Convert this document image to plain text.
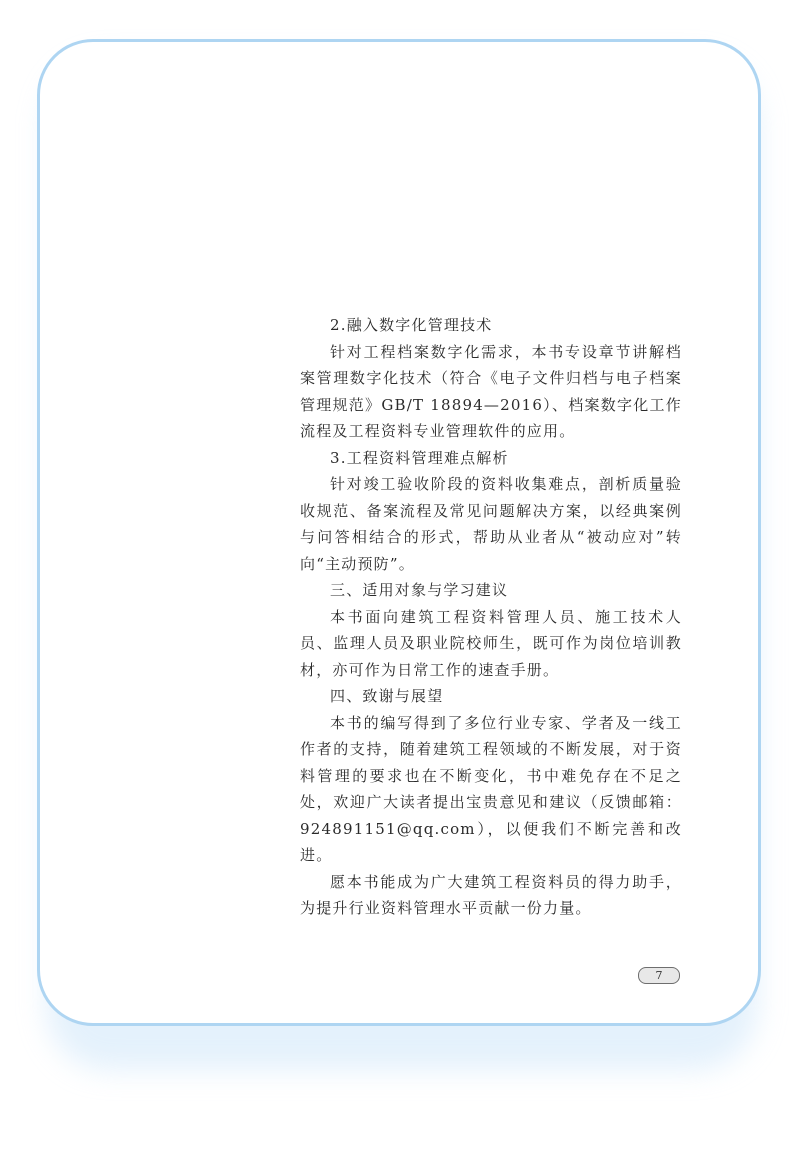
2.融入数字化管理技术

针对工程档案数字化需求，本书专设章节讲解档案管理数字化技术（符合《电子文件归档与电子档案管理规范》GB/T 18894—2016）、档案数字化工作流程及工程资料专业管理软件的应用。

3.工程资料管理难点解析

针对竣工验收阶段的资料收集难点，剖析质量验收规范、备案流程及常见问题解决方案，以经典案例与问答相结合的形式，帮助从业者从“被动应对”转向“主动预防”。

三、适用对象与学习建议

本书面向建筑工程资料管理人员、施工技术人员、监理人员及职业院校师生，既可作为岗位培训教材，亦可作为日常工作的速查手册。

四、致谢与展望

本书的编写得到了多位行业专家、学者及一线工作者的支持，随着建筑工程领域的不断发展，对于资料管理的要求也在不断变化，书中难免存在不足之处，欢迎广大读者提出宝贵意见和建议（反馈邮箱：924891151@qq.com），以便我们不断完善和改进。

愿本书能成为广大建筑工程资料员的得力助手，为提升行业资料管理水平贡献一份力量。

7
